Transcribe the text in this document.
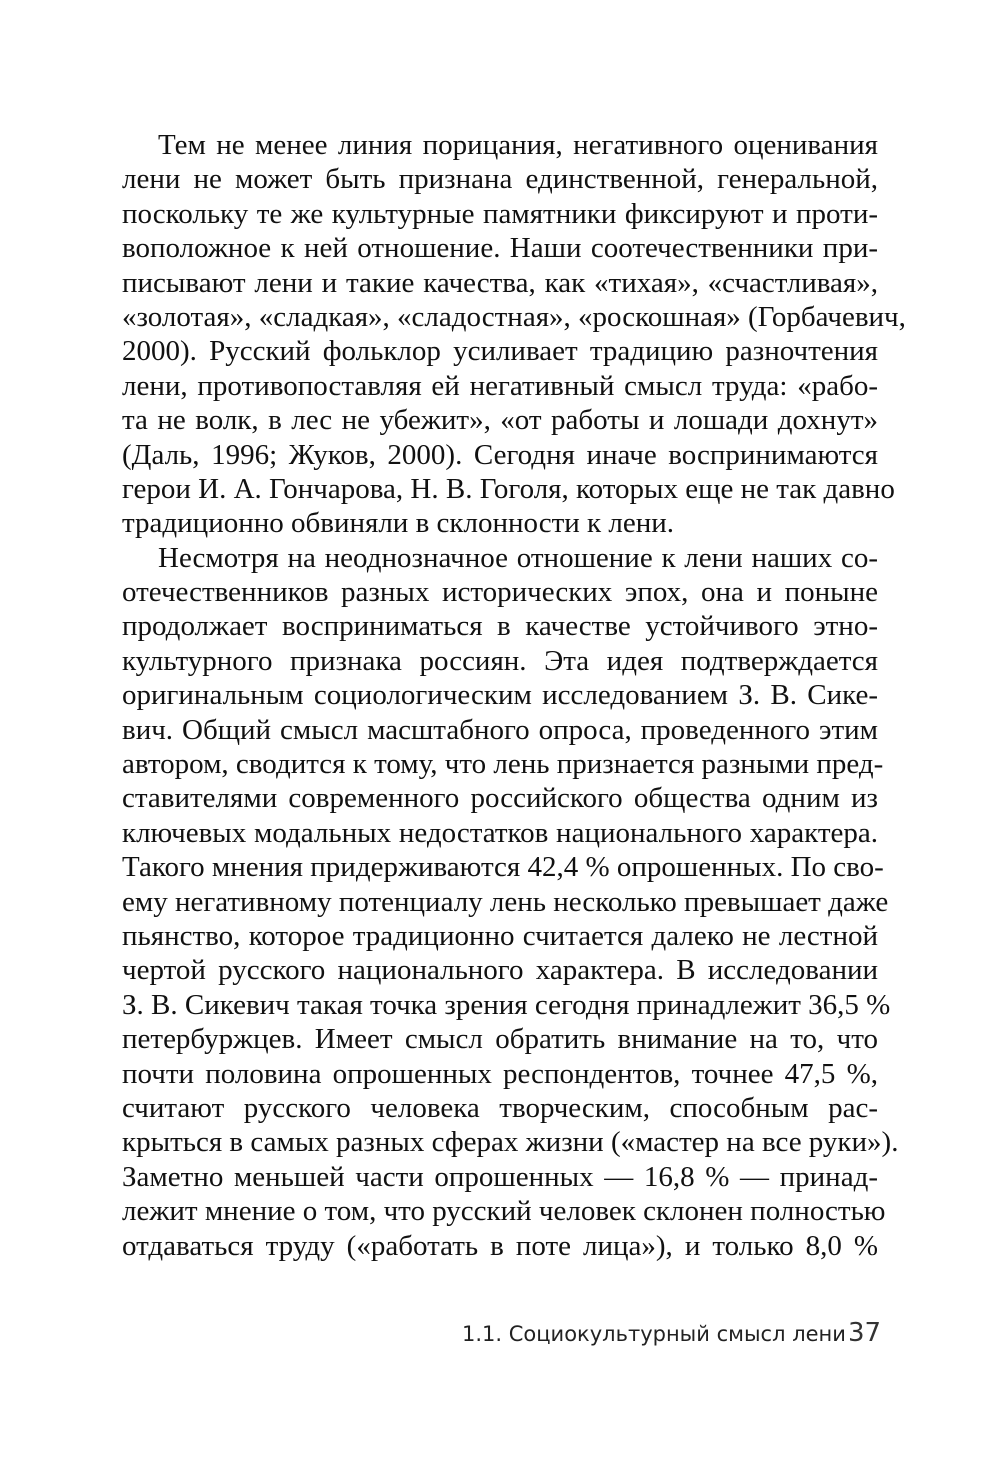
Тем не менее линия порицания, негативного оценивания
лени не может быть признана единственной, генеральной,
поскольку те же культурные памятники фиксируют и проти-
воположное к ней отношение. Наши соотечественники при-
писывают лени и такие качества, как «тихая», «счастливая»,
«золотая», «сладкая», «сладостная», «роскошная» (Горбачевич,
2000). Русский фольклор усиливает традицию разночтения
лени, противопоставляя ей негативный смысл труда: «рабо-
та не волк, в лес не убежит», «от работы и лошади дохнут»
(Даль, 1996; Жуков, 2000). Сегодня иначе воспринимаются
герои И. А. Гончарова, Н. В. Гоголя, которых еще не так давно
традиционно обвиняли в склонности к лени.
Несмотря на неоднозначное отношение к лени наших со-
отечественников разных исторических эпох, она и поныне
продолжает восприниматься в качестве устойчивого этно-
культурного признака россиян. Эта идея подтверждается
оригинальным социологическим исследованием З. В. Сике-
вич. Общий смысл масштабного опроса, проведенного этим
автором, сводится к тому, что лень признается разными пред-
ставителями современного российского общества одним из
ключевых модальных недостатков национального характера.
Такого мнения придерживаются 42,4 % опрошенных. По сво-
ему негативному потенциалу лень несколько превышает даже
пьянство, которое традиционно считается далеко не лестной
чертой русского национального характера. В исследовании
З. В. Сикевич такая точка зрения сегодня принадлежит 36,5 %
петербуржцев. Имеет смысл обратить внимание на то, что
почти половина опрошенных респондентов, точнее 47,5 %,
считают русского человека творческим, способным рас-
крыться в самых разных сферах жизни («мастер на все руки»).
Заметно меньшей части опрошенных — 16,8 % — принад-
лежит мнение о том, что русский человек склонен полностью
отдаваться труду («работать в поте лица»), и только 8,0 %
1.1. Социокультурный смысл лени 37
